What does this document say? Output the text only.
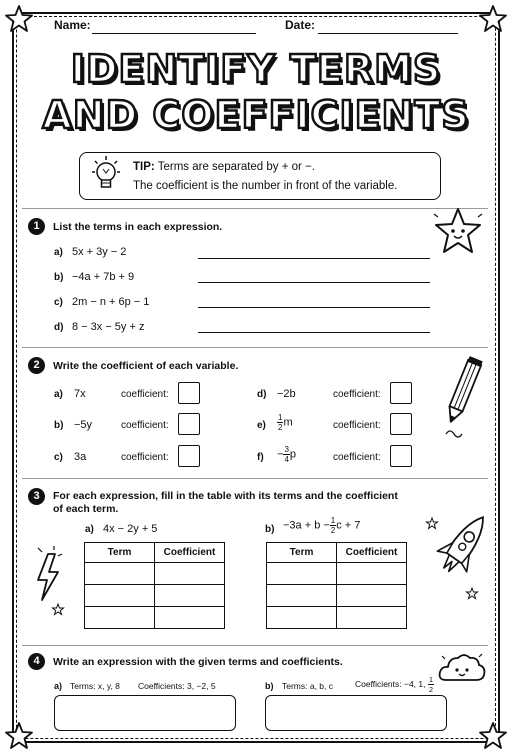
Name:	Date:
IDENTIFY TERMS
AND COEFFICIENTS
TIP: Terms are separated by + or −.
The coefficient is the number in front of the variable.
1	List the terms in each expression.
a) 5x + 3y − 2
b) −4a + 7b + 9
c) 2m − n + 6p − 1
d) 8 − 3x − 5y + z
2	Write the coefficient of each variable.
a) 7x	coefficient:
b) −5y	coefficient:
c) 3a	coefficient:
d) −2b	coefficient:
$e) \frac{1}{2}$ m	coefficient:
$f) - \frac{3}{4}$ p	coefficient:
3	For each expression, fill in the table with its terms and the coefficient
of each term.
a) 4x − 2y + 5	$b) -3a + b - \frac{1}{2}$ c + 7
Term	Coefficient

		Term	Coefficient

4	Write an expression with the given terms and coefficients.
a) Terms: x, y, 8 Coefficients: 3, −2, 5	b) Terms: a, b, c	Coefficients: −4, 1, $\frac{1}{2}$
